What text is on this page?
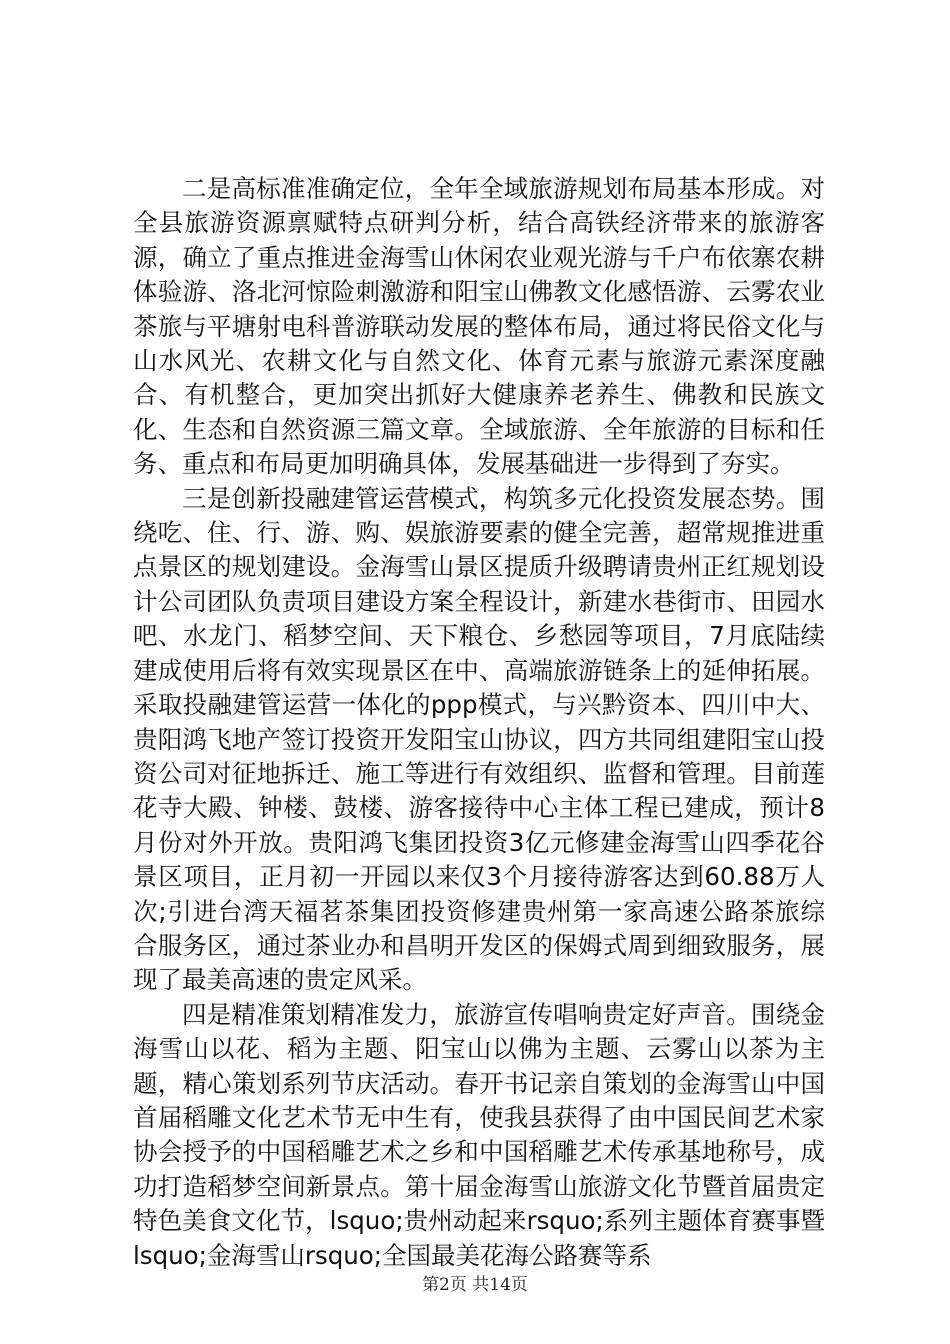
二是高标准准确定位，全年全域旅游规划布局基本形成。对全县旅游资源禀赋特点研判分析，结合高铁经济带来的旅游客源，确立了重点推进金海雪山休闲农业观光游与千户布依寨农耕体验游、洛北河惊险刺激游和阳宝山佛教文化感悟游、云雾农业茶旅与平塘射电科普游联动发展的整体布局，通过将民俗文化与山水风光、农耕文化与自然文化、体育元素与旅游元素深度融合、有机整合，更加突出抓好大健康养老养生、佛教和民族文化、生态和自然资源三篇文章。全域旅游、全年旅游的目标和任务、重点和布局更加明确具体，发展基础进一步得到了夯实。

三是创新投融建管运营模式，构筑多元化投资发展态势。围绕吃、住、行、游、购、娱旅游要素的健全完善，超常规推进重点景区的规划建设。金海雪山景区提质升级聘请贵州正红规划设计公司团队负责项目建设方案全程设计，新建水巷街市、田园水吧、水龙门、稻梦空间、天下粮仓、乡愁园等项目，7月底陆续建成使用后将有效实现景区在中、高端旅游链条上的延伸拓展。采取投融建管运营一体化的ppp模式，与兴黔资本、四川中大、贵阳鸿飞地产签订投资开发阳宝山协议，四方共同组建阳宝山投资公司对征地拆迁、施工等进行有效组织、监督和管理。目前莲花寺大殿、钟楼、鼓楼、游客接待中心主体工程已建成，预计8月份对外开放。贵阳鸿飞集团投资3亿元修建金海雪山四季花谷景区项目，正月初一开园以来仅3个月接待游客达到60.88万人次;引进台湾天福茗茶集团投资修建贵州第一家高速公路茶旅综合服务区，通过茶业办和昌明开发区的保姆式周到细致服务，展现了最美高速的贵定风采。

四是精准策划精准发力，旅游宣传唱响贵定好声音。围绕金海雪山以花、稻为主题、阳宝山以佛为主题、云雾山以茶为主题，精心策划系列节庆活动。春开书记亲自策划的金海雪山中国首届稻雕文化艺术节无中生有，使我县获得了由中国民间艺术家协会授予的中国稻雕艺术之乡和中国稻雕艺术传承基地称号，成功打造稻梦空间新景点。第十届金海雪山旅游文化节暨首届贵定特色美食文化节，lsquo;贵州动起来rsquo;系列主题体育赛事暨lsquo;金海雪山rsquo;全国最美花海公路赛等系

第2页 共14页
